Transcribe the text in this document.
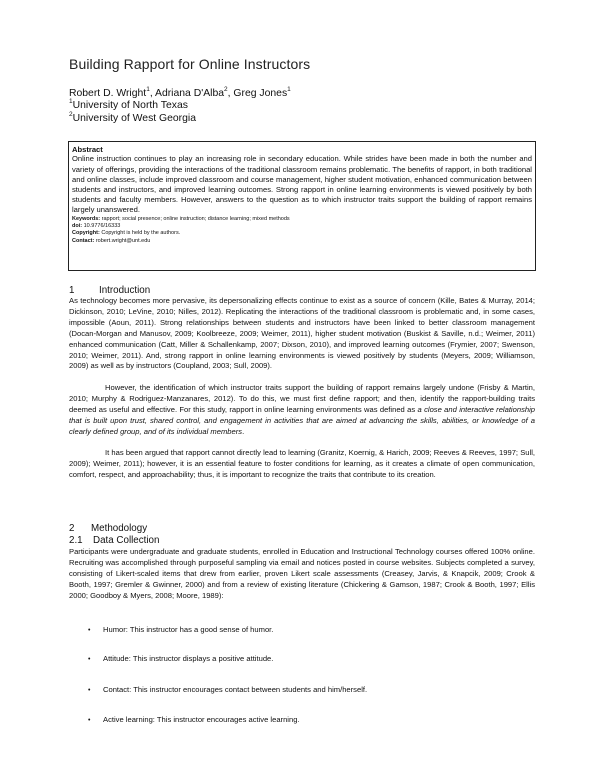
Building Rapport for Online Instructors
Robert D. Wright$^1$, Adriana D'Alba$^2$, Greg Jones$^1$
$^1$University of North Texas
$^2$University of West Georgia
Abstract
Online instruction continues to play an increasing role in secondary education. While strides have been made in both the number and variety of offerings, providing the interactions of the traditional classroom remains problematic. The benefits of rapport, in both traditional and online classes, include improved classroom and course management, higher student motivation, enhanced communication between students and instructors, and improved learning outcomes. Strong rapport in online learning environments is viewed positively by both students and faculty members. However, answers to the question as to which instructor traits support the building of rapport remains largely unanswered.
Keywords: rapport; social presence; online instruction; distance learning; mixed methods
doi: 10.9776/16333
Copyright: Copyright is held by the authors.
Contact: robert.wright@unt.edu
1	Introduction
As technology becomes more pervasive, its depersonalizing effects continue to exist as a source of concern (Kille, Bates & Murray, 2014; Dickinson, 2010; LeVine, 2010; Nilles, 2012). Replicating the interactions of the traditional classroom is problematic and, in some cases, impossible (Aoun, 2011). Strong relationships between students and instructors have been linked to better classroom management (Docan-Morgan and Manusov, 2009; Koolbreeze, 2009; Weimer, 2011), higher student motivation (Buskist & Saville, n.d.; Weimer, 2011) enhanced communication (Catt, Miller & Schallenkamp, 2007; Dixson, 2010), and improved learning outcomes (Frymier, 2007; Swenson, 2010; Weimer, 2011). And, strong rapport in online learning environments is viewed positively by students (Meyers, 2009; Williamson, 2009) as well as by instructors (Coupland, 2003; Sull, 2009).
However, the identification of which instructor traits support the building of rapport remains largely undone (Frisby & Martin, 2010; Murphy & Rodriguez-Manzanares, 2012). To do this, we must first define rapport; and then, identify the rapport-building traits deemed as useful and effective. For this study, rapport in online learning environments was defined as a close and interactive relationship that is built upon trust, shared control, and engagement in activities that are aimed at advancing the skills, abilities, or knowledge of a clearly defined group, and of its individual members.
It has been argued that rapport cannot directly lead to learning (Granitz, Koernig, & Harich, 2009; Reeves & Reeves, 1997; Sull, 2009); Weimer, 2011); however, it is an essential feature to foster conditions for learning, as it creates a climate of open communication, comfort, respect, and approachability; thus, it is important to recognize the traits that contribute to its creation.
2 Methodology
2.1 Data Collection
Participants were undergraduate and graduate students, enrolled in Education and Instructional Technology courses offered 100% online. Recruiting was accomplished through purposeful sampling via email and notices posted in course websites. Subjects completed a survey, consisting of Likert-scaled items that drew from earlier, proven Likert scale assessments (Creasey, Jarvis, & Knapcik, 2009; Crook & Booth, 1997; Gremler & Gwinner, 2000) and from a review of existing literature (Chickering & Gamson, 1987; Crook & Booth, 1997; Ellis 2000; Goodboy & Myers, 2008; Moore, 1989):
• Humor: This instructor has a good sense of humor.
• Attitude: This instructor displays a positive attitude.
• Contact: This instructor encourages contact between students and him/herself.
• Active learning: This instructor encourages active learning.
